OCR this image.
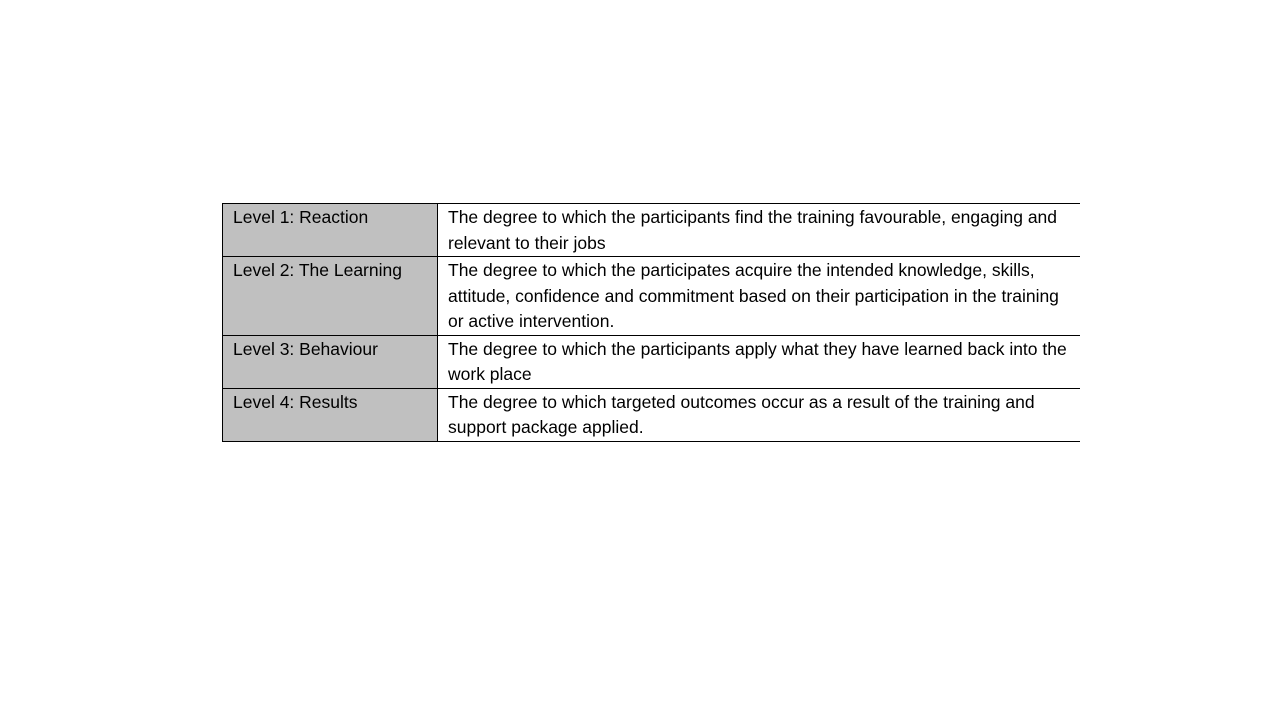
Level 1: Reaction	The degree to which the participants find the training favourable, engaging and relevant to their jobs
Level 2: The Learning	The degree to which the participates acquire the intended knowledge, skills, attitude, confidence and commitment based on their participation in the training or active intervention.
Level 3: Behaviour	The degree to which the participants apply what they have learned back into the work place
Level 4: Results	The degree to which targeted outcomes occur as a result of the training and support package applied.
